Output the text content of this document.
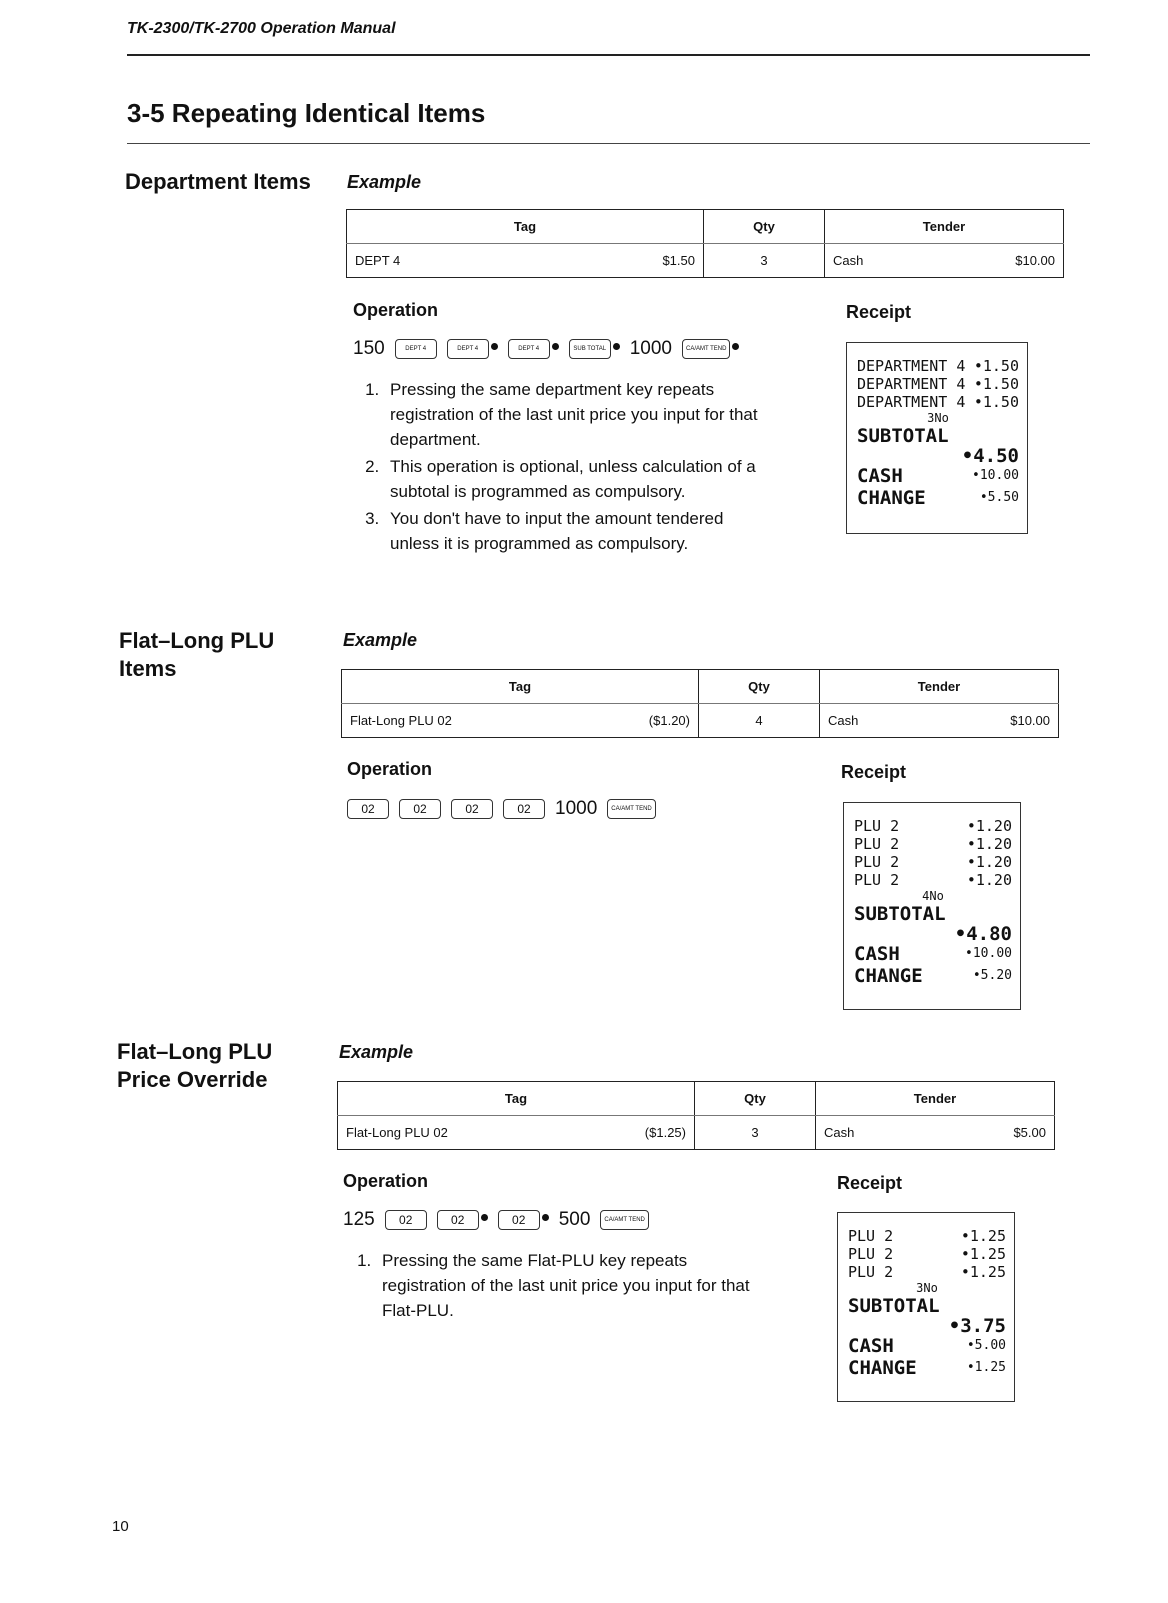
TK-2300/TK-2700 Operation Manual
3-5 Repeating Identical Items
Department Items Example
Tag	Qty	Tender

DEPT 4 $1.50	3	Cash $10.00
Operation	Receipt
150	DEPT 4	DEPT 4	DEPT 4	SUB TOTAL 1000	CA/AMT TEND
1. Pressing the same department key repeats registration of the last unit price you input for that department.
2. This operation is optional, unless calculation of a subtotal is programmed as compulsory.
3. You don't have to input the amount tendered unless it is programmed as compulsory.
DEPARTMENT 4 •1.50
DEPARTMENT 4 •1.50
DEPARTMENT 4 •1.50
3No
SUBTOTAL
•4.50
CASH	•10.00
CHANGE	•5.50
Flat–Long PLU Items
Example
Tag	Qty	Tender

Flat-Long PLU 02 ($1.20)	4	Cash $10.00
Operation	Receipt
02	02	02	02	1000	CA/AMT TEND
PLU 2	•1.20
PLU 2	•1.20
PLU 2	•1.20
PLU 2	•1.20
4No
SUBTOTAL
•4.80
CASH	•10.00
CHANGE	•5.20
Flat–Long PLU Price Override
Example
Tag	Qty	Tender

Flat-Long PLU 02 ($1.25)	3	Cash $5.00
Operation	Receipt
125	02	02	02	500	CA/AMT TEND
1. Pressing the same Flat-PLU key repeats registration of the last unit price you input for that Flat-PLU.
PLU 2	•1.25
PLU 2	•1.25
PLU 2	•1.25
3No
SUBTOTAL
•3.75
CASH	•5.00
CHANGE	•1.25
10
